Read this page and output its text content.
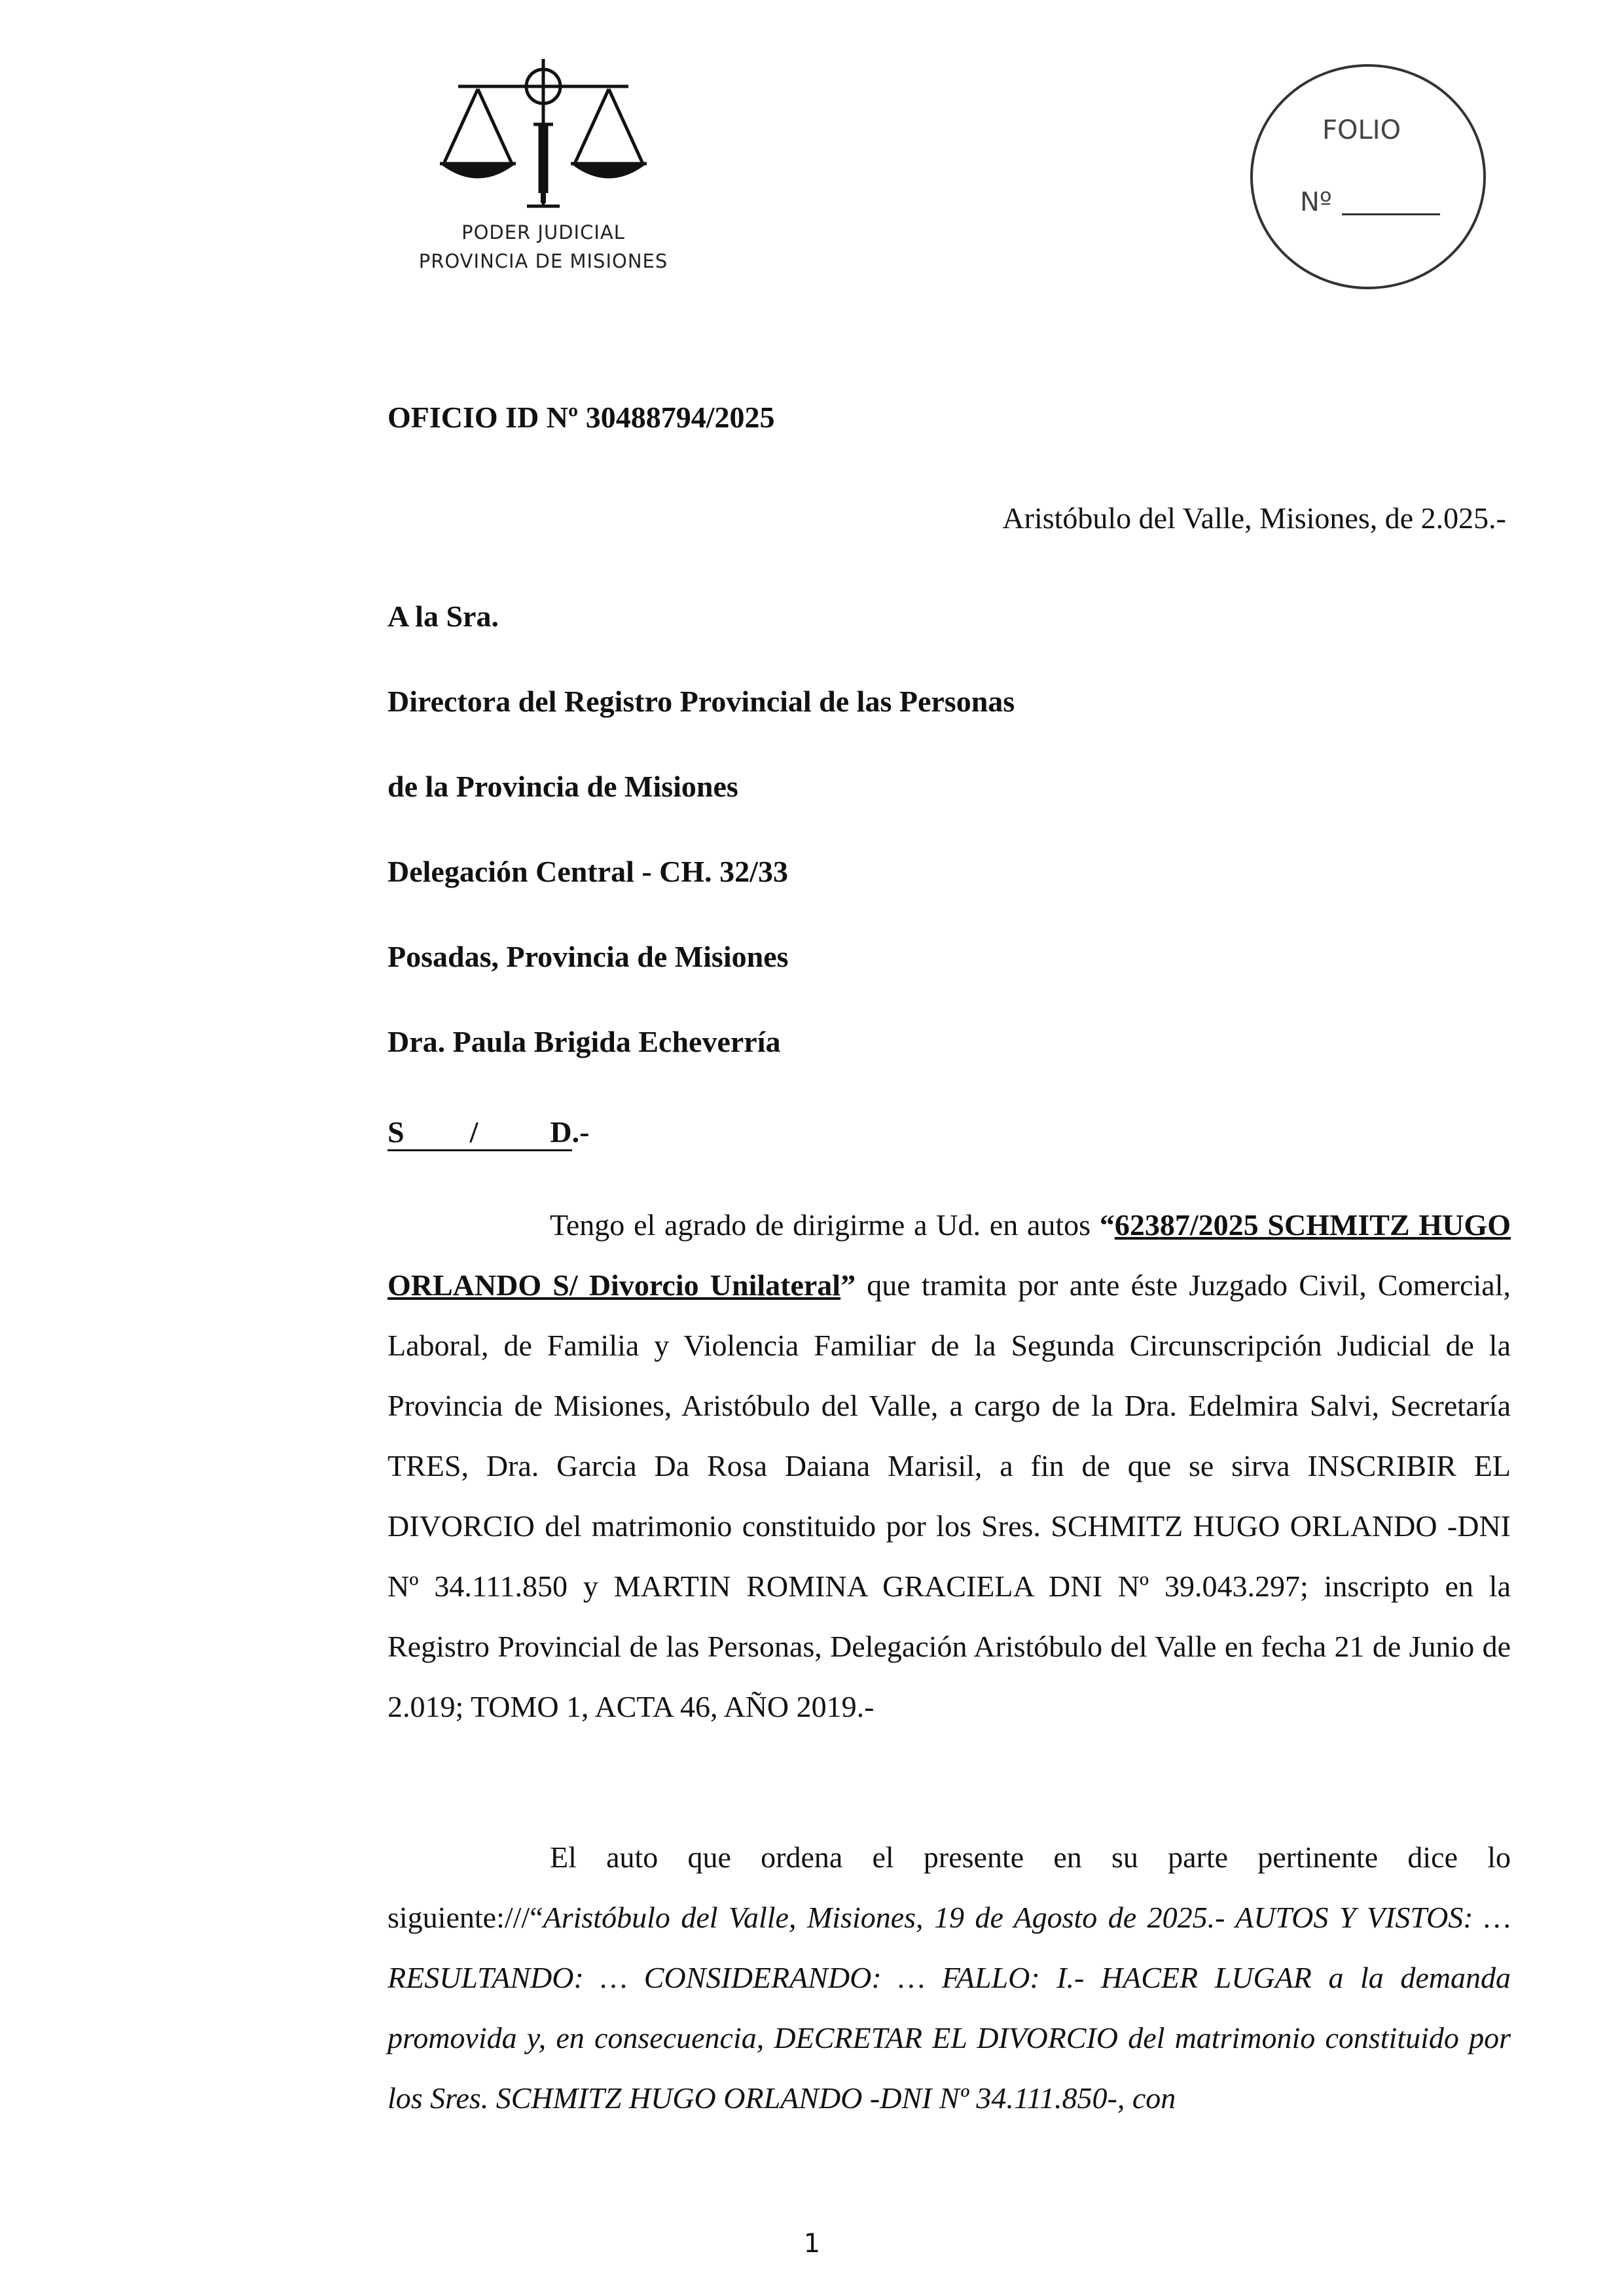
PODER JUDICIAL
PROVINCIA DE MISIONES
FOLIO
Nº
OFICIO ID Nº 30488794/2025
Aristóbulo del Valle, Misiones, de 2.025.-
A la Sra.
Directora del Registro Provincial de las Personas
de la Provincia de Misiones
Delegación Central - CH. 32/33
Posadas, Provincia de Misiones
Dra. Paula Brigida Echeverría
S / D.-
Tengo el agrado de dirigirme a Ud. en autos “62387/2025 SCHMITZ HUGO ORLANDO S/ Divorcio Unilateral” que tramita por ante éste Juzgado Civil, Comercial, Laboral, de Familia y Violencia Familiar de la Segunda Circunscripción Judicial de la Provincia de Misiones, Aristóbulo del Valle, a cargo de la Dra. Edelmira Salvi, Secretaría TRES, Dra. Garcia Da Rosa Daiana Marisil, a fin de que se sirva INSCRIBIR EL DIVORCIO del matrimonio constituido por los Sres. SCHMITZ HUGO ORLANDO -DNI Nº 34.111.850 y MARTIN ROMINA GRACIELA DNI Nº 39.043.297; inscripto en la Registro Provincial de las Personas, Delegación Aristóbulo del Valle en fecha 21 de Junio de 2.019; TOMO 1, ACTA 46, AÑO 2019.-
El auto que ordena el presente en su parte pertinente dice lo siguiente:///“Aristóbulo del Valle, Misiones, 19 de Agosto de 2025.- AUTOS Y VISTOS: … RESULTANDO: … CONSIDERANDO: … FALLO: I.- HACER LUGAR a la demanda promovida y, en consecuencia, DECRETAR EL DIVORCIO del matrimonio constituido por los Sres. SCHMITZ HUGO ORLANDO -DNI Nº 34.111.850-, con
1
